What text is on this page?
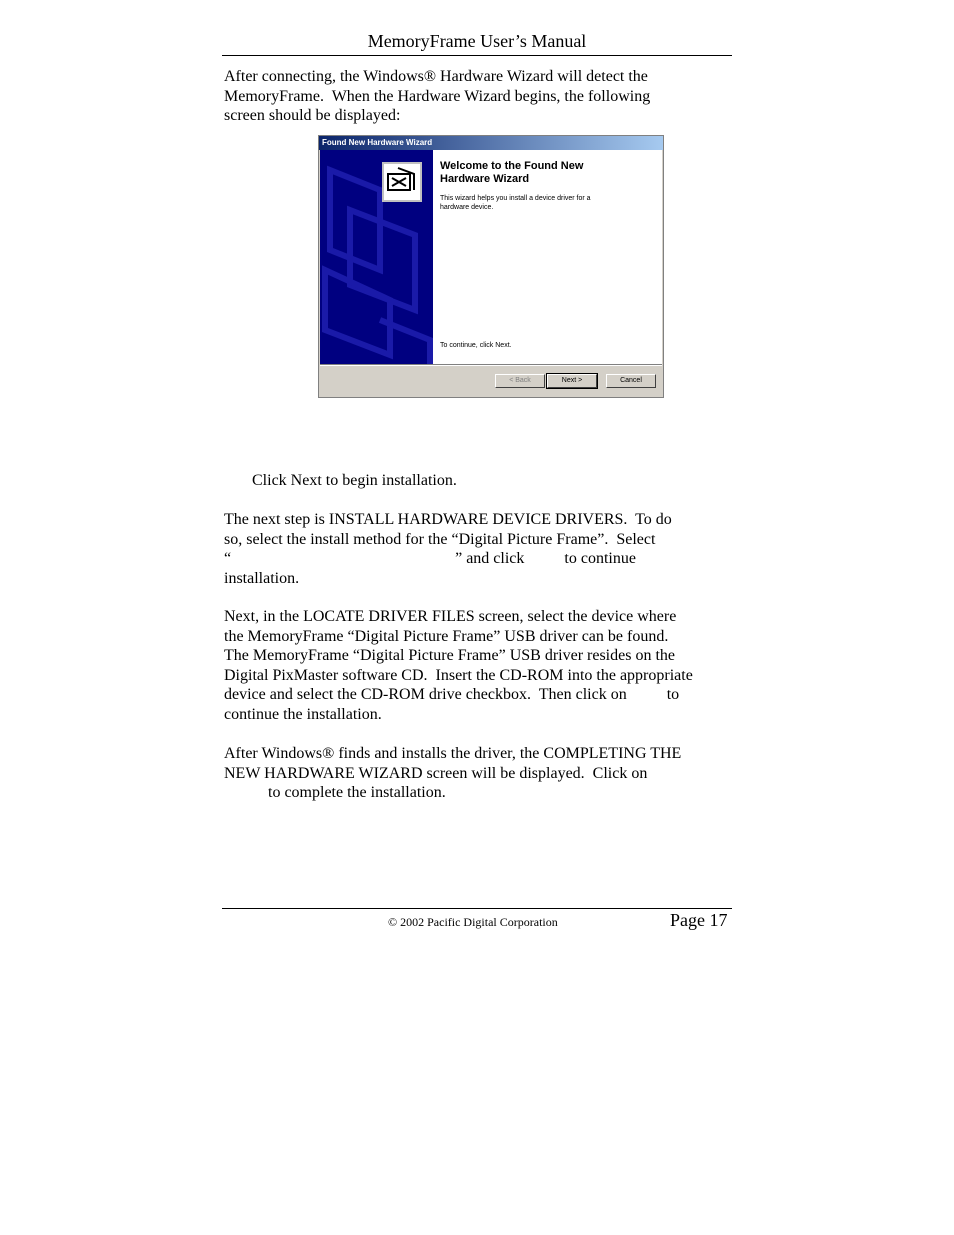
MemoryFrame User’s Manual
After connecting, the Windows® Hardware Wizard will detect the
MemoryFrame.  When the Hardware Wizard begins, the following
screen should be displayed:
Found New Hardware Wizard
Welcome to the Found New
Hardware Wizard
This wizard helps you install a device driver for a
hardware device.
To continue, click Next.
< Back	Next >	Cancel
Click Next to begin installation.
The next step is INSTALL HARDWARE DEVICE DRIVERS.  To do
so, select the install method for the “Digital Picture Frame”.  Select
“                                                        ” and click          to continue
installation.
Next, in the LOCATE DRIVER FILES screen, select the device where
the MemoryFrame “Digital Picture Frame” USB driver can be found.
The MemoryFrame “Digital Picture Frame” USB driver resides on the
Digital PixMaster software CD.  Insert the CD-ROM into the appropriate
device and select the CD-ROM drive checkbox.  Then click on          to
continue the installation.
After Windows® finds and installs the driver, the COMPLETING THE
NEW HARDWARE WIZARD screen will be displayed.  Click on
to complete the installation.
© 2002 Pacific Digital Corporation	Page 17
